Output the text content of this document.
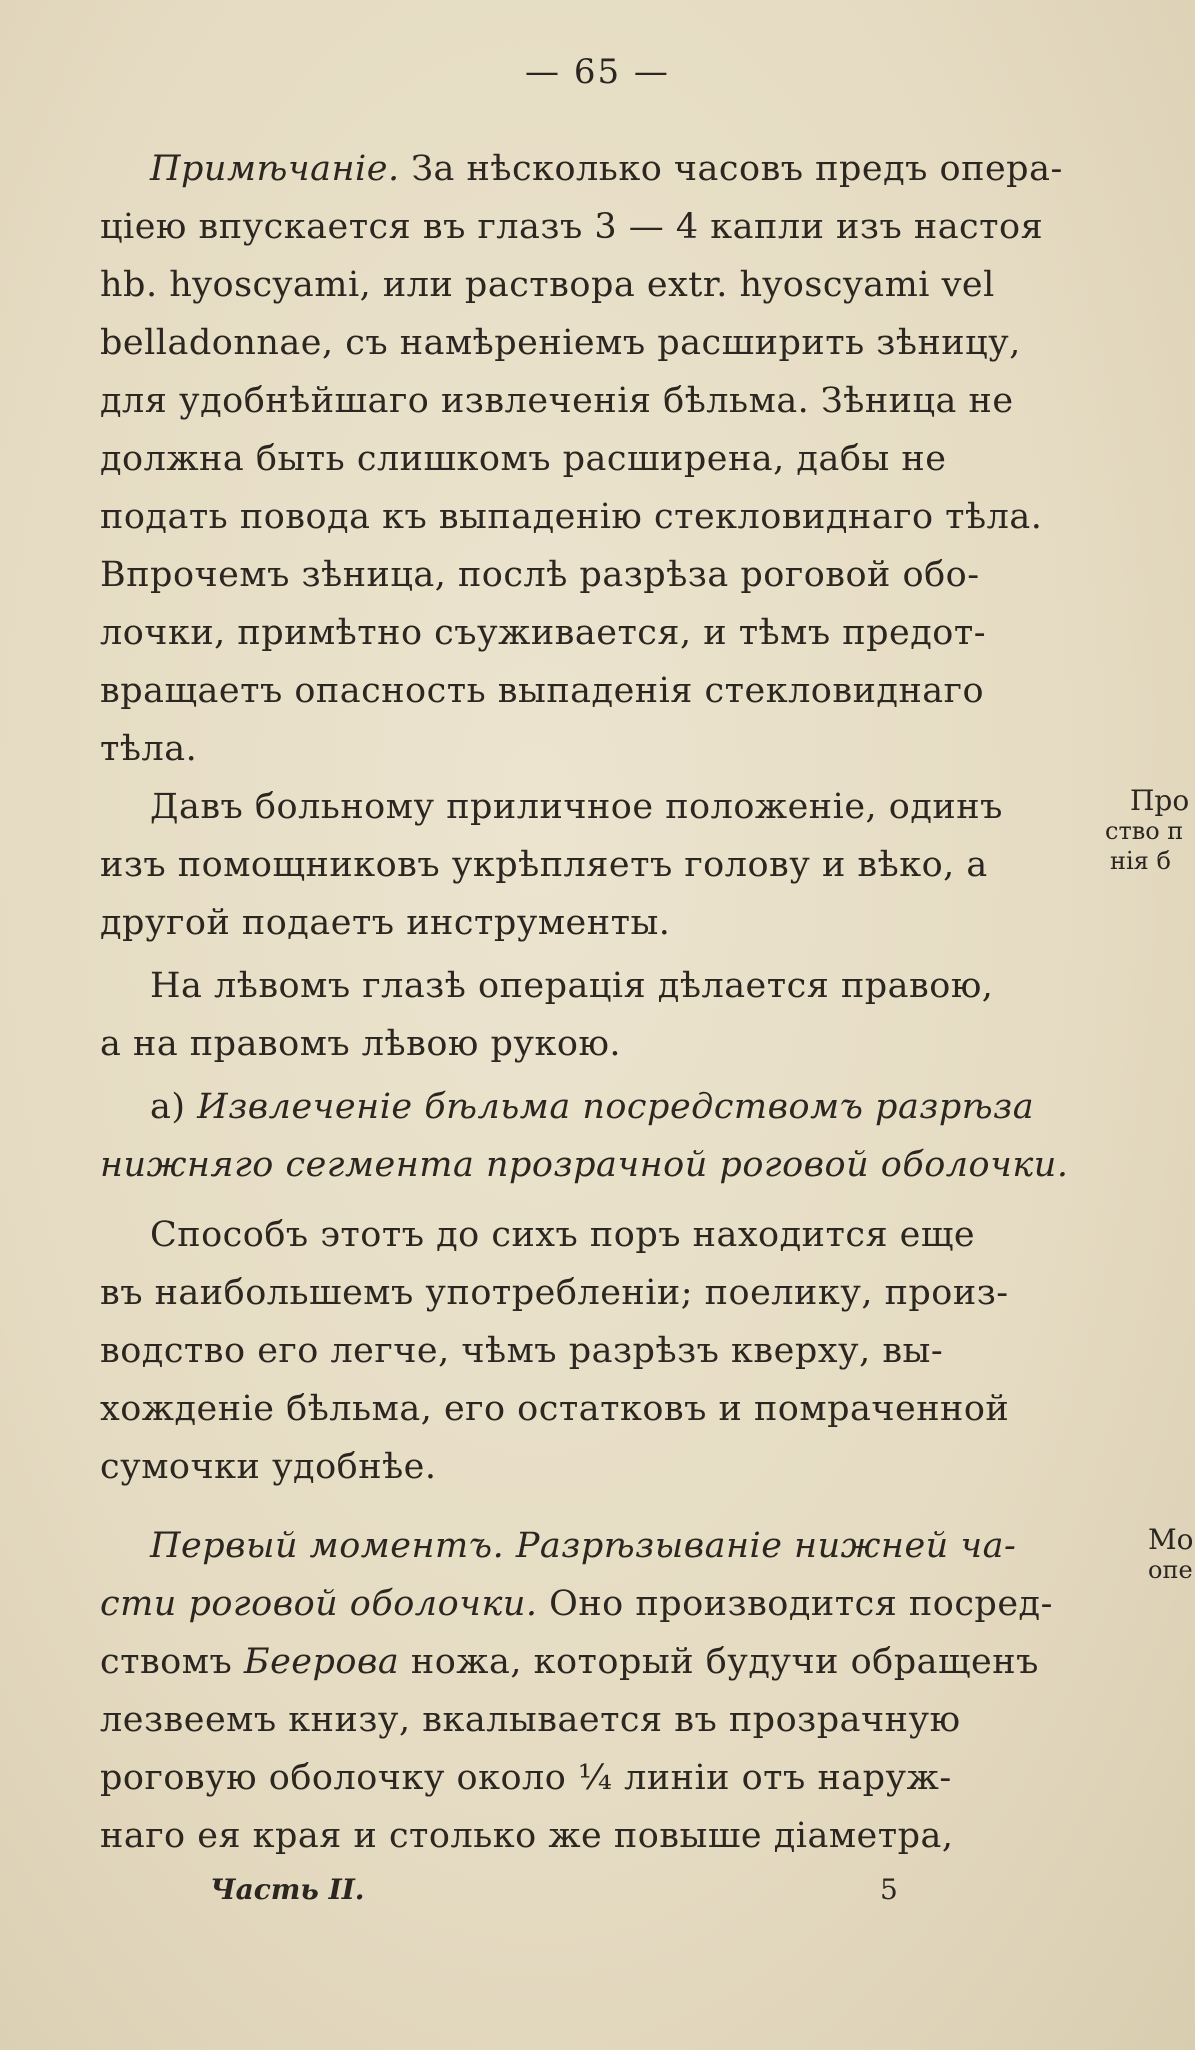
— 65 —
Примѣчаніе. За нѣсколько часовъ предъ опера-
ціею впускается въ глазъ 3 — 4 капли изъ настоя
hb. hyoscyami, или раствора extr. hyoscyami vel
belladonnae, съ намѣреніемъ расширить зѣницу,
для удобнѣйшаго извлеченія бѣльма. Зѣница не
должна быть слишкомъ расширена, дабы не
подать повода къ выпаденію стекловиднаго тѣла.
Впрочемъ зѣница, послѣ разрѣза роговой обо-
лочки, примѣтно съуживается, и тѣмъ предот-
вращаетъ опасность выпаденія стекловиднаго
тѣла.
Давъ больному приличное положеніе, одинъ
изъ помощниковъ укрѣпляетъ голову и вѣко, а
другой подаетъ инструменты.
На лѣвомъ глазѣ операція дѣлается правою,
а на правомъ лѣвою рукою.
а) Извлеченіе бѣльма посредствомъ разрѣза
нижняго сегмента прозрачной роговой оболочки.
Способъ этотъ до сихъ поръ находится еще
въ наибольшемъ употребленіи; поелику, произ-
водство его легче, чѣмъ разрѣзъ кверху, вы-
хожденіе бѣльма, его остатковъ и помраченной
сумочки удобнѣе.
Первый моментъ. Разрѣзываніе нижней ча-
сти роговой оболочки. Оно производится посред-
ствомъ Беерова ножа, который будучи обращенъ
лезвеемъ книзу, вкалывается въ прозрачную
роговую оболочку около ¼ линіи отъ наруж-
наго ея края и столько же повыше діаметра,
Про
ство п
нія б
Мо
опе
Часть II.	5
